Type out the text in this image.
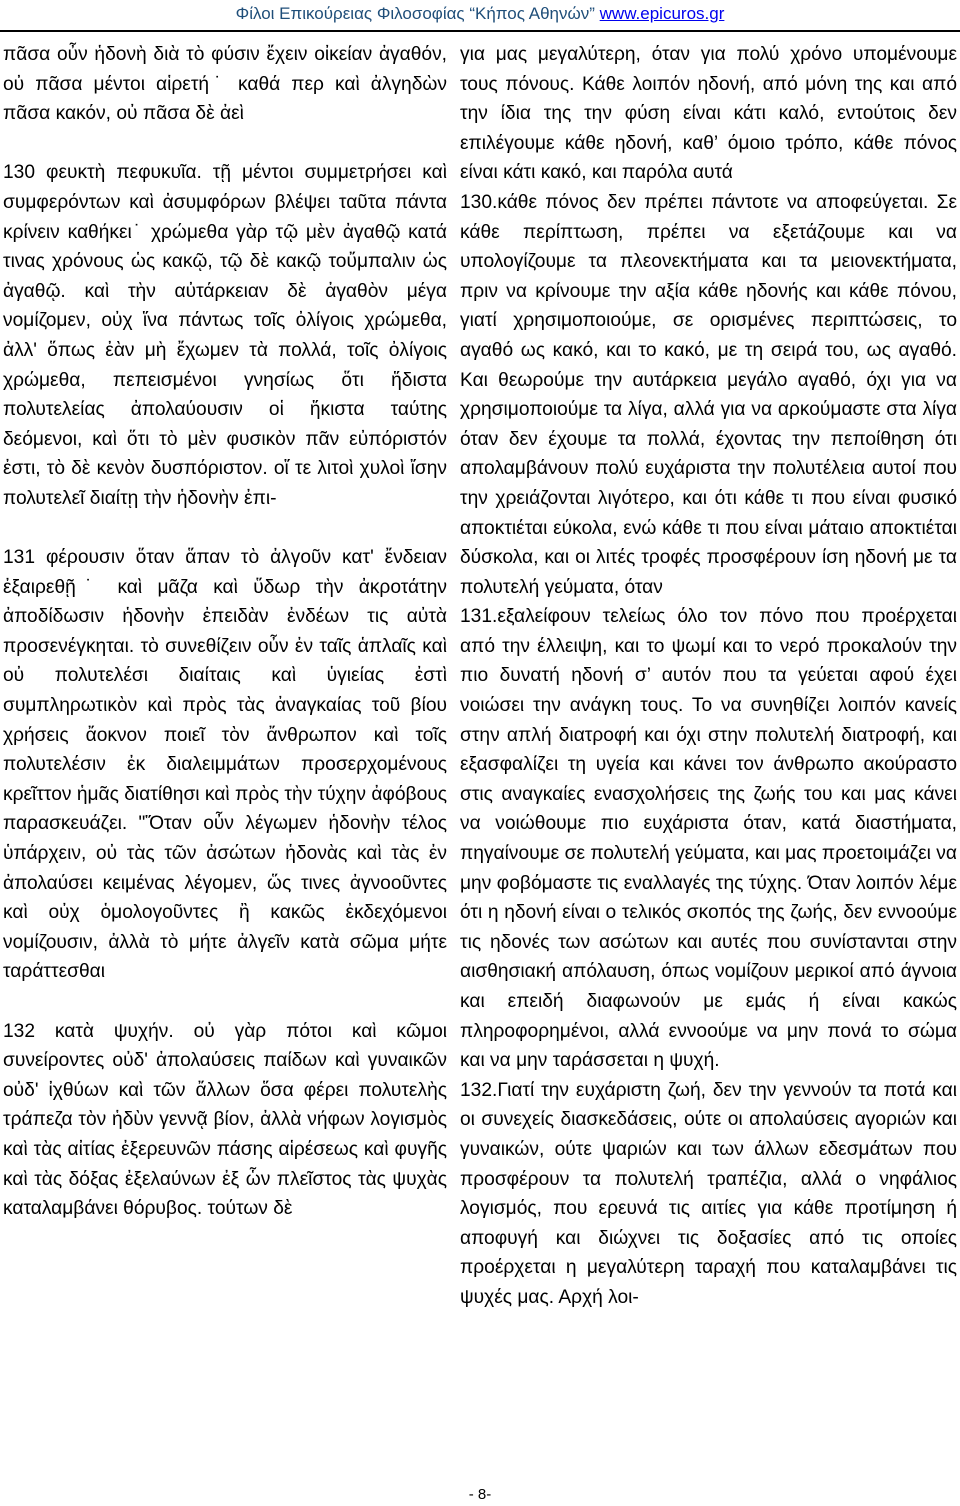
Φίλοι Επικούρειας Φιλοσοφίας “Κήπος Αθηνών” www.epicuros.gr

πᾶσα οὖν ἡδονὴ διὰ τὸ φύσιν ἔχειν οἰκείαν ἀγαθόν, οὐ πᾶσα μέντοι αἱρετή˙ καθά περ καὶ ἀλγηδὼν πᾶσα κακόν, οὐ πᾶσα δὲ ἀεὶ

130 φευκτὴ πεφυκυῖα. τῇ μέντοι συμμετρήσει καὶ συμφερόντων καὶ ἀσυμφόρων βλέψει ταῦτα πάντα κρίνειν καθήκει˙ χρώμεθα γὰρ τῷ μὲν ἀγαθῷ κατά τινας χρόνους ὡς κακῷ, τῷ δὲ κακῷ τοὔμπαλιν ὡς ἀγαθῷ. καὶ τὴν αὐτάρκειαν δὲ ἀγαθὸν μέγα νομίζομεν, οὐχ ἵνα πάντως τοῖς ὀλίγοις χρώμεθα, ἀλλ' ὅπως ἐὰν μὴ ἔχωμεν τὰ πολλά, τοῖς ὀλίγοις χρώμεθα, πεπεισμένοι γνησίως ὅτι ἥδιστα πολυτελείας ἀπολαύουσιν οἱ ἥκιστα ταύτης δεόμενοι, καὶ ὅτι τὸ μὲν φυσικὸν πᾶν εὐπόριστόν ἐστι, τὸ δὲ κενὸν δυσπόριστον. οἵ τε λιτοὶ χυλοὶ ἴσην πολυτελεῖ διαίτῃ τὴν ἡδονὴν ἐπι-

131 φέρουσιν ὅταν ἅπαν τὸ ἀλγοῦν κατ' ἔνδειαν ἐξαιρεθῇ˙ καὶ μᾶζα καὶ ὕδωρ τὴν ἀκροτάτην ἀποδίδωσιν ἡδονὴν ἐπειδὰν ἐνδέων τις αὐτὰ προσενέγκηται. τὸ συνεθίζειν οὖν ἐν ταῖς ἁπλαῖς καὶ οὐ πολυτελέσι διαίταις καὶ ὑγιείας ἐστὶ συμπληρωτικὸν καὶ πρὸς τὰς ἀναγκαίας τοῦ βίου χρήσεις ἄοκνον ποιεῖ τὸν ἄνθρωπον καὶ τοῖς πολυτελέσιν ἐκ διαλειμμάτων προσερχομένους κρεῖττον ἡμᾶς διατίθησι καὶ πρὸς τὴν τύχην ἀφόβους παρασκευάζει. "Ὅταν οὖν λέγωμεν ἡδονὴν τέλος ὑπάρχειν, οὐ τὰς τῶν ἀσώτων ἡδονὰς καὶ τὰς ἐν ἀπολαύσει κειμένας λέγομεν, ὥς τινες ἀγνοοῦντες καὶ οὐχ ὁμολογοῦντες ἢ κακῶς ἐκδεχόμενοι νομίζουσιν, ἀλλὰ τὸ μήτε ἀλγεῖν κατὰ σῶμα μήτε ταράττεσθαι

132 κατὰ ψυχήν. οὐ γὰρ πότοι καὶ κῶμοι συνείροντες οὐδ' ἀπολαύσεις παίδων καὶ γυναικῶν οὐδ' ἰχθύων καὶ τῶν ἄλλων ὅσα φέρει πολυτελὴς τράπεζα τὸν ἡδὺν γεννᾷ βίον, ἀλλὰ νήφων λογισμὸς καὶ τὰς αἰτίας ἐξερευνῶν πάσης αἱρέσεως καὶ φυγῆς καὶ τὰς δόξας ἐξελαύνων ἐξ ὧν πλεῖστος τὰς ψυχὰς καταλαμβάνει θόρυβος. τούτων δὲ

για μας μεγαλύτερη, όταν για πολύ χρόνο υπομένουμε τους πόνους. Κάθε λοιπόν ηδονή, από μόνη της και από την ίδια της την φύση είναι κάτι καλό, εντούτοις δεν επιλέγουμε κάθε ηδονή, καθ’ όμοιο τρόπο, κάθε πόνος είναι κάτι κακό, και παρόλα αυτά

130.κάθε πόνος δεν πρέπει πάντοτε να αποφεύγεται. Σε κάθε περίπτωση, πρέπει να εξετάζουμε και να υπολογίζουμε τα πλεονεκτήματα και τα μειονεκτήματα, πριν να κρίνουμε την αξία κάθε ηδονής και κάθε πόνου, γιατί χρησιμοποιούμε, σε ορισμένες περιπτώσεις, το αγαθό ως κακό, και το κακό, με τη σειρά του, ως αγαθό. Και θεωρούμε την αυτάρκεια μεγάλο αγαθό, όχι για να χρησιμοποιούμε τα λίγα, αλλά για να αρκούμαστε στα λίγα όταν δεν έχουμε τα πολλά, έχοντας την πεποίθηση ότι απολαμβάνουν πολύ ευχάριστα την πολυτέλεια αυτοί που την χρειάζονται λιγότερο, και ότι κάθε τι που είναι φυσικό αποκτιέται εύκολα, ενώ κάθε τι που είναι μάταιο αποκτιέται δύσκολα, και οι λιτές τροφές προσφέρουν ίση ηδονή με τα πολυτελή γεύματα, όταν

131.εξαλείφουν τελείως όλο τον πόνο που προέρχεται από την έλλειψη, και το ψωμί και το νερό προκαλούν την πιο δυνατή ηδονή σ’ αυτόν που τα γεύεται αφού έχει νοιώσει την ανάγκη τους. Το να συνηθίζει λοιπόν κανείς στην απλή διατροφή και όχι στην πολυτελή διατροφή, και εξασφαλίζει τη υγεία και κάνει τον άνθρωπο ακούραστο στις αναγκαίες ενασχολήσεις της ζωής του και μας κάνει να νοιώθουμε πιο ευχάριστα όταν, κατά διαστήματα, πηγαίνουμε σε πολυτελή γεύματα, και μας προετοιμάζει να μην φοβόμαστε τις εναλλαγές της τύχης. Όταν λοιπόν λέμε ότι η ηδονή είναι ο τελικός σκοπός της ζωής, δεν εννοούμε τις ηδονές των ασώτων και αυτές που συνίστανται στην αισθησιακή απόλαυση, όπως νομίζουν μερικοί από άγνοια και επειδή διαφωνούν με εμάς ή είναι κακώς πληροφορημένοι, αλλά εννοούμε να μην πονά το σώμα και να μην ταράσσεται η ψυχή.

132.Γιατί την ευχάριστη ζωή, δεν την γεννούν τα ποτά και οι συνεχείς διασκεδάσεις, ούτε οι απολαύσεις αγοριών και γυναικών, ούτε ψαριών και των άλλων εδεσμάτων που προσφέρουν τα πολυτελή τραπέζια, αλλά ο νηφάλιος λογισμός, που ερευνά τις αιτίες για κάθε προτίμηση ή αποφυγή και διώχνει τις δοξασίες από τις οποίες προέρχεται η μεγαλύτερη ταραχή που καταλαμβάνει τις ψυχές μας. Αρχή λοι-

- 8-
